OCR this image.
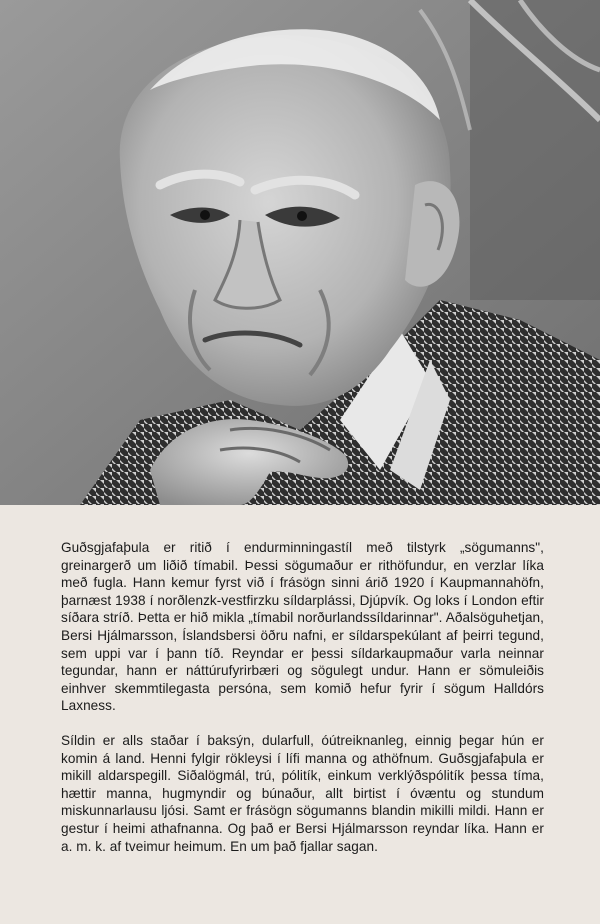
Guðsgjafaþula er ritið í endurminningastíl með tilstyrk „sögumanns", greinargerð um liðið tímabil. Þessi sögumaður er rithöfundur, en verzlar líka með fugla. Hann kemur fyrst við í frásögn sinni árið 1920 í Kaupmannahöfn, þarnæst 1938 í norðlenzk-vestfirzku síldarplássi, Djúpvík. Og loks í London eftir síðara stríð. Þetta er hið mikla „tímabil norðurlandssíldarinnar". Aðalsöguhetjan, Bersi Hjálmarsson, Íslandsbersi öðru nafni, er síldarspekúlant af þeirri tegund, sem uppi var í þann tíð. Reyndar er þessi síldarkaupmaður varla neinnar tegundar, hann er náttúrufyrirbæri og sögulegt undur. Hann er sömuleiðis einhver skemmtilegasta persóna, sem komið hefur fyrir í sögum Halldórs Laxness.

Síldin er alls staðar í baksýn, dularfull, óútreiknanleg, einnig þegar hún er komin á land. Henni fylgir rökleysi í lífi manna og athöfnum. Guðsgjafaþula er mikill aldarspegill. Siðalögmál, trú, pólitík, einkum verklýðspólitík þessa tíma, hættir manna, hugmyndir og búnaður, allt birtist í óvæntu og stundum miskunnarlausu ljósi. Samt er frásögn sögumanns blandin mikilli mildi. Hann er gestur í heimi athafnanna. Og það er Bersi Hjálmarsson reyndar líka. Hann er a. m. k. af tveimur heimum. En um það fjallar sagan.
